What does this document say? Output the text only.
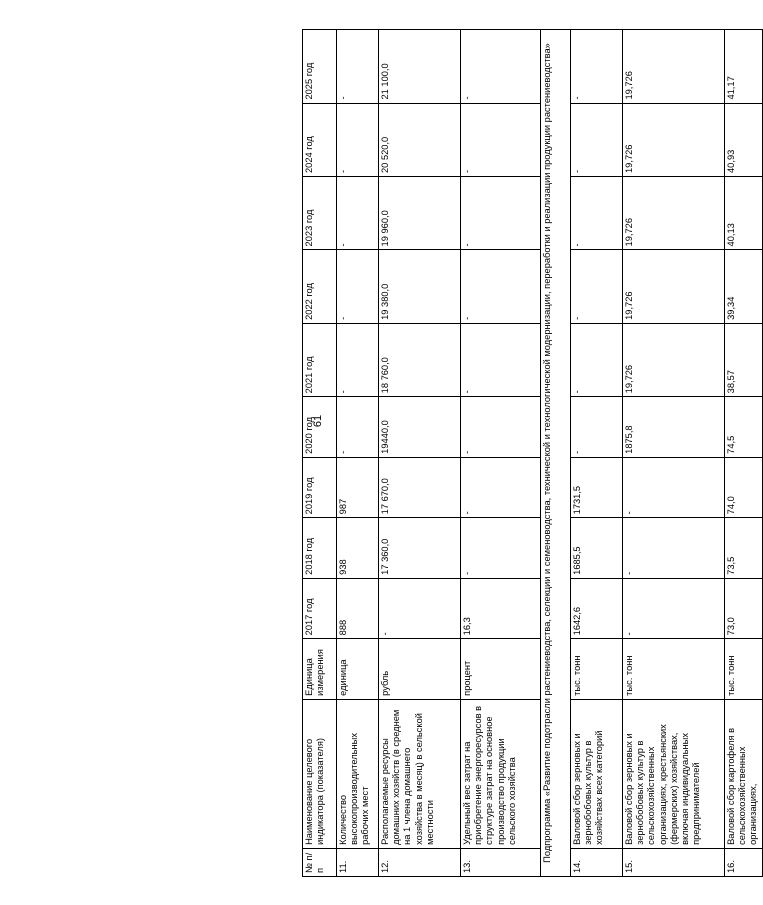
61
№ п/п	Наименование целевого индикатора (показателя)	Единица измерения	2017 год	2018 год	2019 год	2020 год	2021 год	2022 год	2023 год	2024 год	2025 год
11.	Количество высокопроизводительных рабочих мест	единица	888	938	987	-	-	-	-	-	-
12.	Располагаемые ресурсы домашних хозяйств (в среднем на 1 члена домашнего хозяйства в месяц) в сельской местности	рубль	-	17 360,0	17 670,0	19440,0	18 760,0	19 380,0	19 960,0	20 520,0	21 100,0
13.	Удельный вес затрат на приобретение энергоресурсов в структуре затрат на основное производство продукции сельского хозяйства	процент	16,3	-	-	-	-	-	-	-	-
Подпрограмма «Развитие подотрасли растениеводства, селекции и семеноводства, технической и технологической модернизации, переработки и реализации продукции растениеводства»											
14.	Валовой сбор зерновых и зернобобовых культур в хозяйствах всех категорий	тыс. тонн	1642,6	1685,5	1731,5	-	-	-	-	-	-
15.	Валовой сбор зерновых и зернобобовых культур в сельскохозяйственных организациях, крестьянских (фермерских) хозяйствах, включая индивидуальных предпринимателей	тыс. тонн	-	-	-	1875,8	19,726	19,726	19,726	19,726	19,726
16.	Валовой сбор картофеля в сельскохозяйственных организациях,	тыс. тонн	73,0	73,5	74,0	74,5	38,57	39,34	40,13	40,93	41,17
